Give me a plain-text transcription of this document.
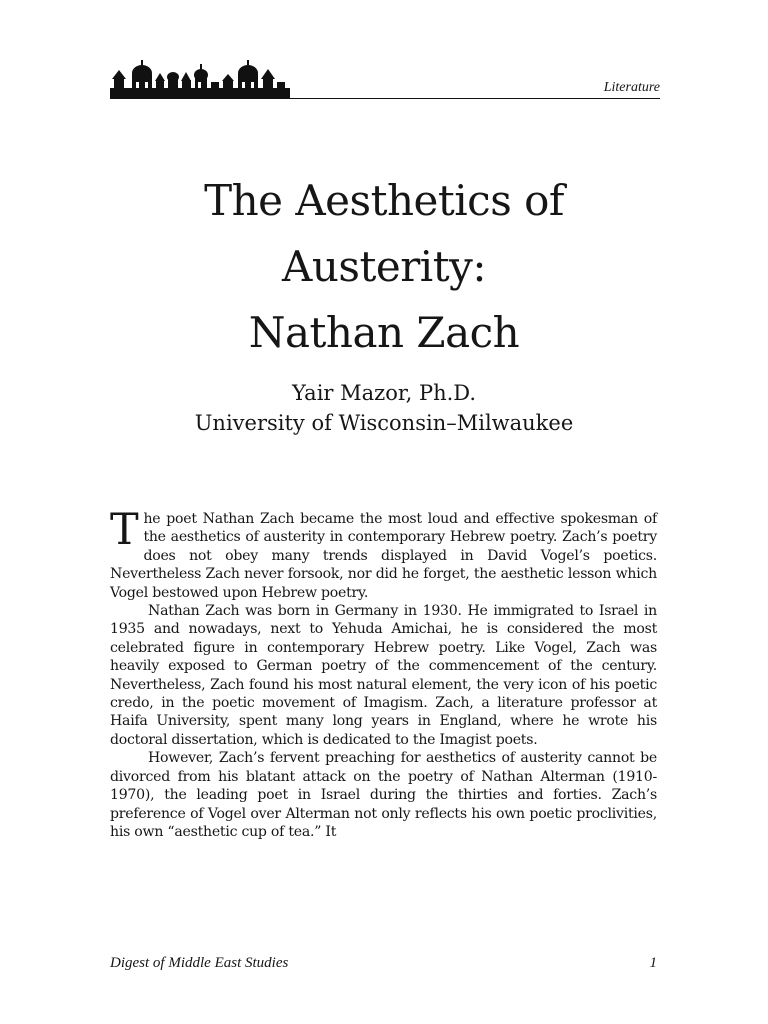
Literature
The Aesthetics of
Austerity:
Nathan Zach
Yair Mazor, Ph.D.
University of Wisconsin–Milwaukee

The poet Nathan Zach became the most loud and effective spokesman of the aesthetics of austerity in contemporary Hebrew poetry. Zach’s poetry does not obey many trends displayed in David Vogel’s poetics. Nevertheless Zach never forsook, nor did he forget, the aesthetic lesson which Vogel bestowed upon Hebrew poetry.

Nathan Zach was born in Germany in 1930. He immigrated to Israel in 1935 and nowadays, next to Yehuda Amichai, he is considered the most celebrated figure in contemporary Hebrew poetry. Like Vogel, Zach was heavily exposed to German poetry of the commencement of the century. Nevertheless, Zach found his most natural element, the very icon of his poetic credo, in the poetic movement of Imagism. Zach, a literature professor at Haifa University, spent many long years in England, where he wrote his doctoral dissertation, which is dedicated to the Imagist poets.

However, Zach’s fervent preaching for aesthetics of austerity cannot be divorced from his blatant attack on the poetry of Nathan Alterman (1910-1970), the leading poet in Israel during the thirties and forties. Zach’s preference of Vogel over Alterman not only reflects his own poetic proclivities, his own “aesthetic cup of tea.” It

Digest of Middle East Studies	1
